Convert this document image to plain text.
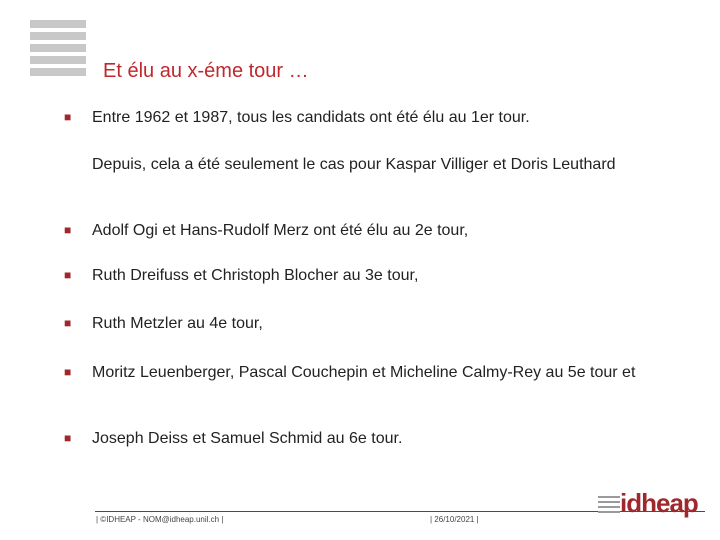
Et élu au x-éme tour …
■ Entre 1962 et 1987, tous les candidats ont été élu au 1er tour.
Depuis, cela a été seulement le cas pour Kaspar Villiger et Doris Leuthard
■ Adolf Ogi et Hans-Rudolf Merz ont été élu au 2e tour,
■ Ruth Dreifuss et Christoph Blocher au 3e tour,
■ Ruth Metzler au 4e tour,
■ Moritz Leuenberger, Pascal Couchepin et Micheline Calmy-Rey au 5e tour et
■ Joseph Deiss et Samuel Schmid au 6e tour.
| ©IDHEAP - NOM@idheap.unil.ch |	| 26/10/2021 |
idheap
